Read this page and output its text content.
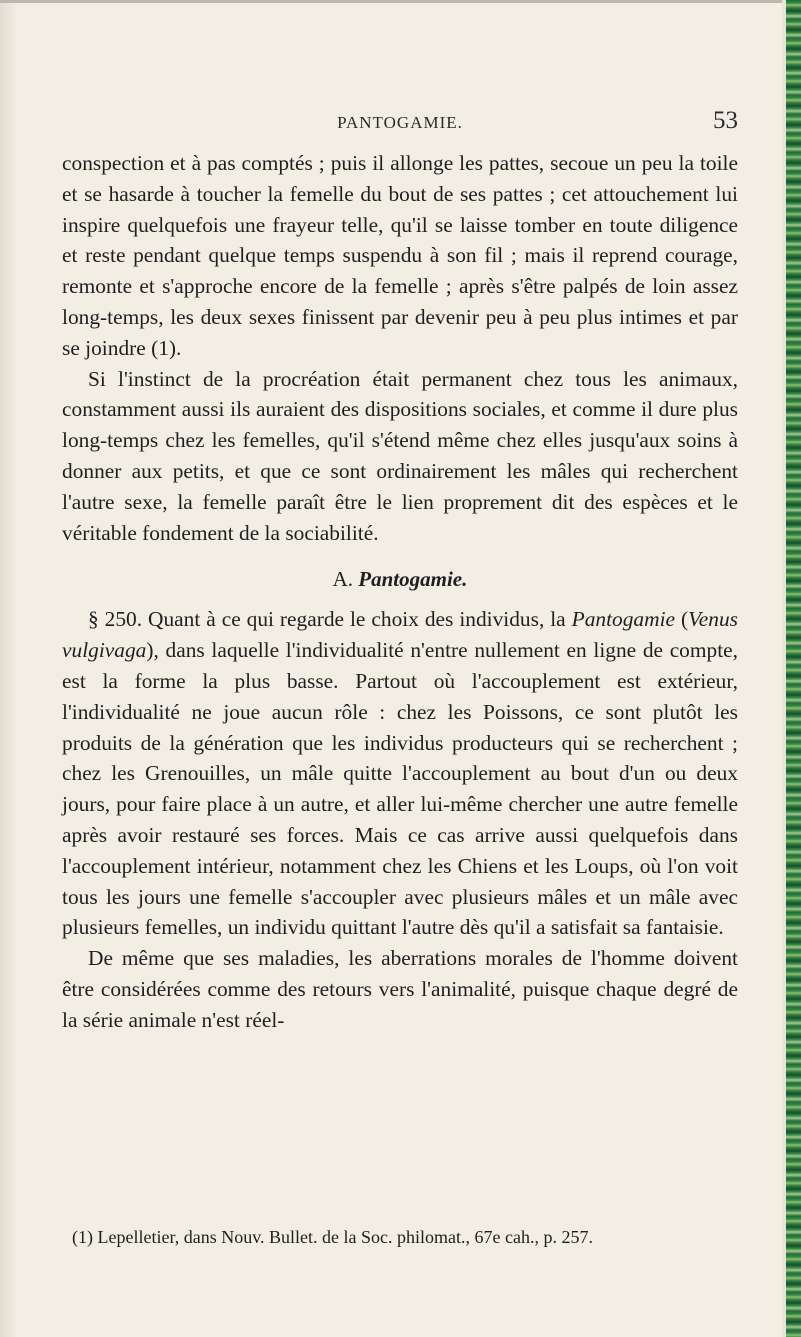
PANTOGAMIE.	53

conspection et à pas comptés ; puis il allonge les pattes, secoue un peu la toile et se hasarde à toucher la femelle du bout de ses pattes ; cet attouchement lui inspire quelquefois une frayeur telle, qu'il se laisse tomber en toute diligence et reste pendant quelque temps suspendu à son fil ; mais il reprend courage, remonte et s'approche encore de la femelle ; après s'être palpés de loin assez long-temps, les deux sexes finissent par devenir peu à peu plus intimes et par se joindre (1).

Si l'instinct de la procréation était permanent chez tous les animaux, constamment aussi ils auraient des dispositions sociales, et comme il dure plus long-temps chez les femelles, qu'il s'étend même chez elles jusqu'aux soins à donner aux petits, et que ce sont ordinairement les mâles qui recherchent l'autre sexe, la femelle paraît être le lien proprement dit des espèces et le véritable fondement de la sociabilité.

A. Pantogamie.

§ 250. Quant à ce qui regarde le choix des individus, la Pantogamie (Venus vulgivaga), dans laquelle l'individualité n'entre nullement en ligne de compte, est la forme la plus basse. Partout où l'accouplement est extérieur, l'individualité ne joue aucun rôle : chez les Poissons, ce sont plutôt les produits de la génération que les individus producteurs qui se recherchent ; chez les Grenouilles, un mâle quitte l'accouplement au bout d'un ou deux jours, pour faire place à un autre, et aller lui-même chercher une autre femelle après avoir restauré ses forces. Mais ce cas arrive aussi quelquefois dans l'accouplement intérieur, notamment chez les Chiens et les Loups, où l'on voit tous les jours une femelle s'accoupler avec plusieurs mâles et un mâle avec plusieurs femelles, un individu quittant l'autre dès qu'il a satisfait sa fantaisie.

De même que ses maladies, les aberrations morales de l'homme doivent être considérées comme des retours vers l'animalité, puisque chaque degré de la série animale n'est réel-

(1) Lepelletier, dans Nouv. Bullet. de la Soc. philomat., 67e cah., p. 257.
